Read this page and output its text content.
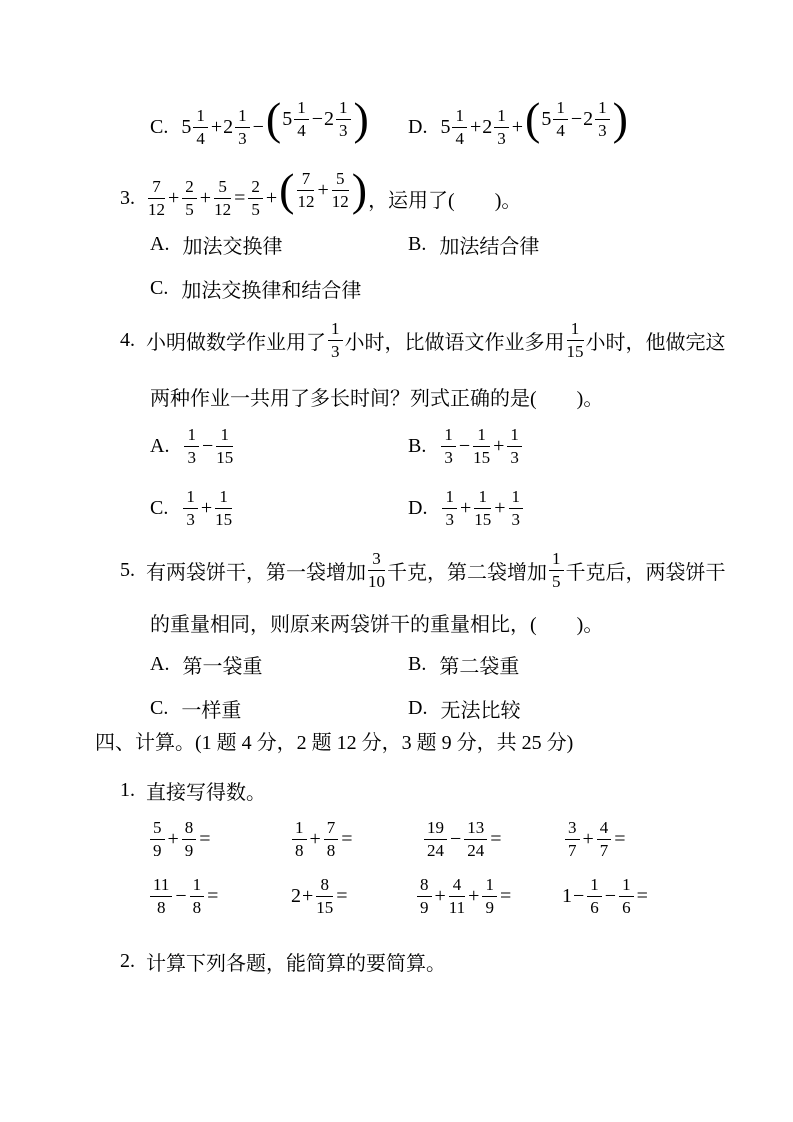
C. $5 \frac{1}{4} + 2 \frac{1}{3}$ − ( $5 \frac{1}{4} - 2 \frac{1}{3}$ ) D. $5 \frac{1}{4} + 2 \frac{1}{3}$ + ( $5 \frac{1}{4} - 2 \frac{1}{3}$ )
3. $\frac{7}{12} + \frac{2}{5} + \frac{5}{12} = \frac{2}{5}$ + ( $\frac{7}{12} + \frac{5}{12}$ ) ，运用了(　　)。
A. 加法交换律	B. 加法结合律
C. 加法交换律和结合律
4. 小明做数学作业用了 $\frac{1}{3}$ 小时，比做语文作业多用 $\frac{1}{15}$ 小时，他做完这
两种作业一共用了多长时间？列式正确的是(　　)。
A. $\frac{1}{3} - \frac{1}{15}$	B. $\frac{1}{3} - \frac{1}{15} + \frac{1}{3}$
C. $\frac{1}{3} + \frac{1}{15}$	D. $\frac{1}{3} + \frac{1}{15} + \frac{1}{3}$
5. 有两袋饼干，第一袋增加 $\frac{3}{10}$ 千克，第二袋增加 $\frac{1}{5}$ 千克后，两袋饼干
的重量相同，则原来两袋饼干的重量相比，(　　)。
A. 第一袋重	B. 第二袋重
C. 一样重	D. 无法比较
四、计算。(1 题 4 分，2 题 12 分，3 题 9 分，共 25 分)
1. 直接写得数。
$\frac{5}{9} + \frac{8}{9}$ =	$\frac{1}{8} + \frac{7}{8}$ =	$\frac{19}{24} - \frac{13}{24}$ =	$\frac{3}{7} + \frac{4}{7}$ =
$\frac{11}{8} - \frac{1}{8}$ =	$2 + \frac{8}{15}$ =	$\frac{8}{9} + \frac{4}{11} + \frac{1}{9}$ =	$1 - \frac{1}{6} - \frac{1}{6}$ =
2. 计算下列各题，能简算的要简算。
